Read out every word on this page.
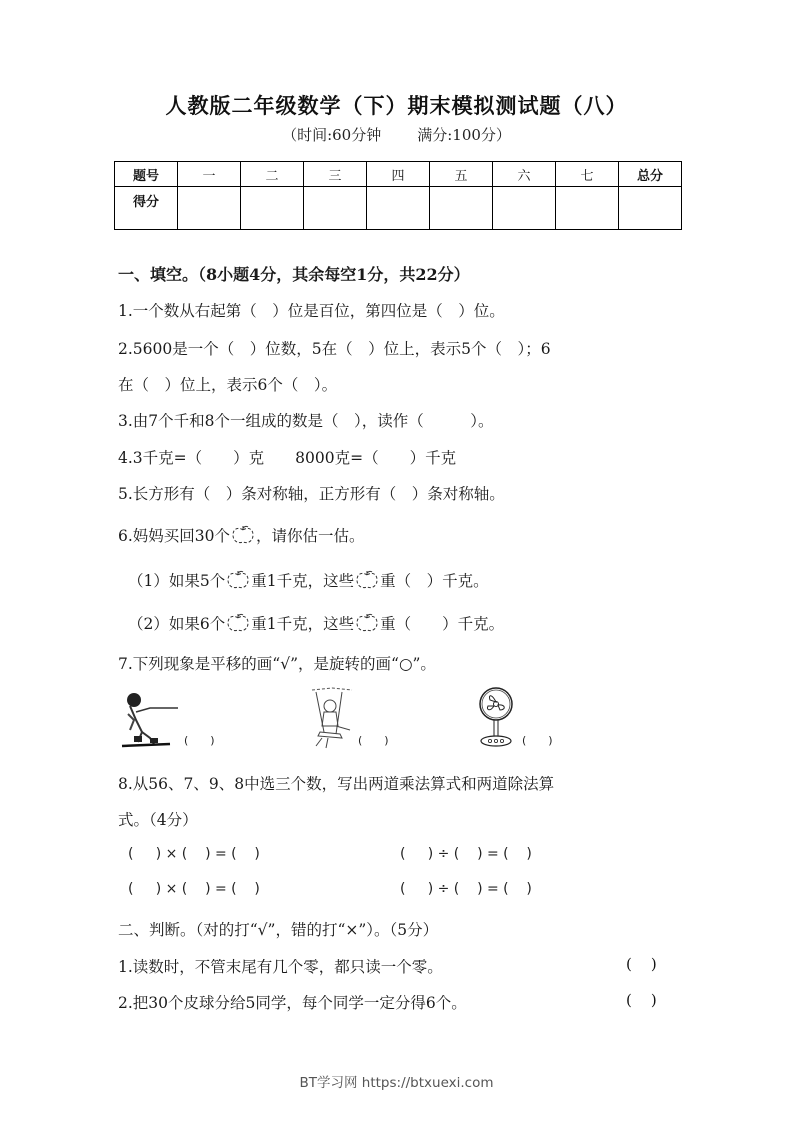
人教版二年级数学（下）期末模拟测试题（八）
（时间:60分钟 满分:100分）
题号	一	二	三	四	五	六	七	总分
得分								
一、填空。（8小题4分，其余每空1分，共22分）
1.一个数从右起第（　）位是百位，第四位是（　）位。
2.5600是一个（　）位数，5在（　）位上，表示5个（　）；6
在（　）位上，表示6个（　）。
3.由7个千和8个一组成的数是（　），读作（　　　）。
4.3千克=（　　）克　　8000克=（　　）千克
5.长方形有（　）条对称轴，正方形有（　）条对称轴。
6.妈妈买回30个 ，请你估一估。
（1）如果5个 重1千克，这些 重（　）千克。
（2）如果6个 重1千克，这些 重（　　）千克。
7.下列现象是平移的画“√”，是旋转的画“○”。
(　　)	(　　)	(　　)
8.从56、7、9、8中选三个数，写出两道乘法算式和两道除法算
式。（4分）
(     ) × (    ) = (    )	(     ) ÷ (    ) = (    )
(     ) × (    ) = (    )	(     ) ÷ (    ) = (    )
二、判断。（对的打“√”，错的打“×”）。（5分）
1.读数时，不管末尾有几个零，都只读一个零。	(    )
2.把30个皮球分给5同学，每个同学一定分得6个。	(    )
BT学习网 https://btxuexi.com
